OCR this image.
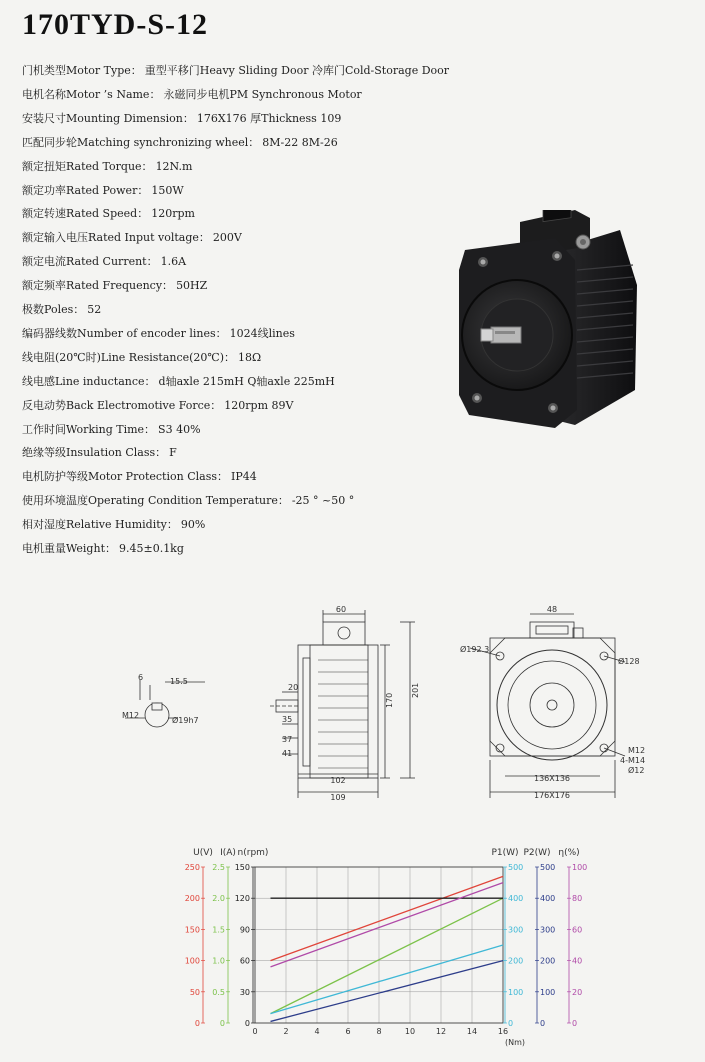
170TYD-S-12
门机类型Motor Type： 重型平移门Heavy Sliding Door 冷库门Cold-Storage Door
电机名称Motor ’s Name： 永磁同步电机PM Synchronous Motor
安装尺寸Mounting Dimension： 176X176 厚Thickness 109
匹配同步轮Matching synchronizing wheel： 8M-22 8M-26
额定扭矩Rated Torque： 12N.m
额定功率Rated Power： 150W
额定转速Rated Speed： 120rpm
额定输入电压Rated Input voltage： 200V
额定电流Rated Current： 1.6A
额定频率Rated Frequency： 50HZ
极数Poles： 52
编码器线数Number of encoder lines： 1024线lines
线电阻(20℃时)Line Resistance(20℃)： 18Ω
线电感Line inductance： d轴axle 215mH Q轴axle 225mH
反电动势Back Electromotive Force： 120rpm 89V
工作时间Working Time： S3 40%
绝缘等级Insulation Class： F
电机防护等级Motor Protection Class： IP44
使用环境温度Operating Condition Temperature： -25 ° ~50 °
相对湿度Relative Humidity： 90%
电机重量Weight： 9.45±0.1kg
6	15.5
M12
Ø19h7
60
20
35
37
41
102
109
170
201
48
Ø192.3
Ø128
M12
4-M14
Ø12
136X136
176X176
0	2	4	6	8	10	12	14	16
(Nm)
U(V)
0
50
100
150
200
250
I(A)
0
0.5
1.0
1.5
2.0
2.5
n(rpm)
0
30
60
90
120
150
P1(W)
0
100
200
300
400
500
P2(W)
0
100
200
300
400
500
η(%)
0
20
40
60
80
100
